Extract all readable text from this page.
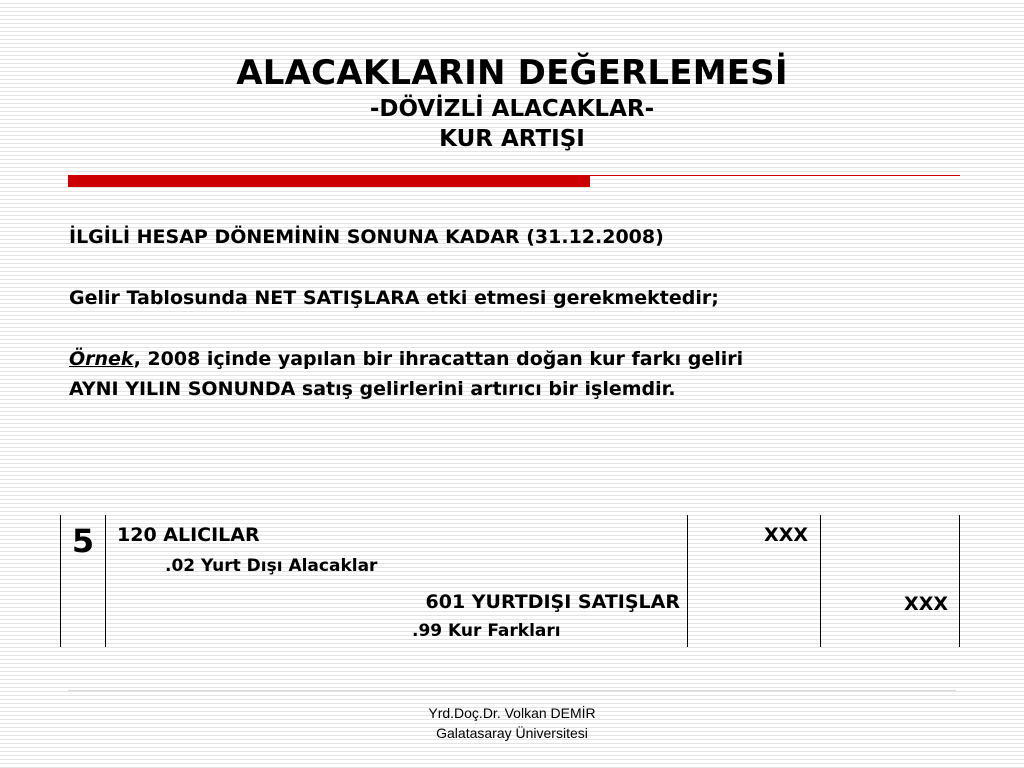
ALACAKLARIN DEĞERLEMESİ
-DÖVİZLİ ALACAKLAR-
KUR ARTIŞI
İLGİLİ HESAP DÖNEMİNİN SONUNA KADAR (31.12.2008)
Gelir Tablosunda NET SATIŞLARA etki etmesi gerekmektedir;
Örnek, 2008 içinde yapılan bir ihracattan doğan kur farkı geliri
AYNI YILIN SONUNDA satış gelirlerini artırıcı bir işlemdir.
5	120 ALICILAR
.02 Yurt Dışı Alacaklar
601 YURTDIŞI SATIŞLAR
.99 Kur Farkları
XXX
XXX
Yrd.Doç.Dr. Volkan DEMİR
Galatasaray Üniversitesi
